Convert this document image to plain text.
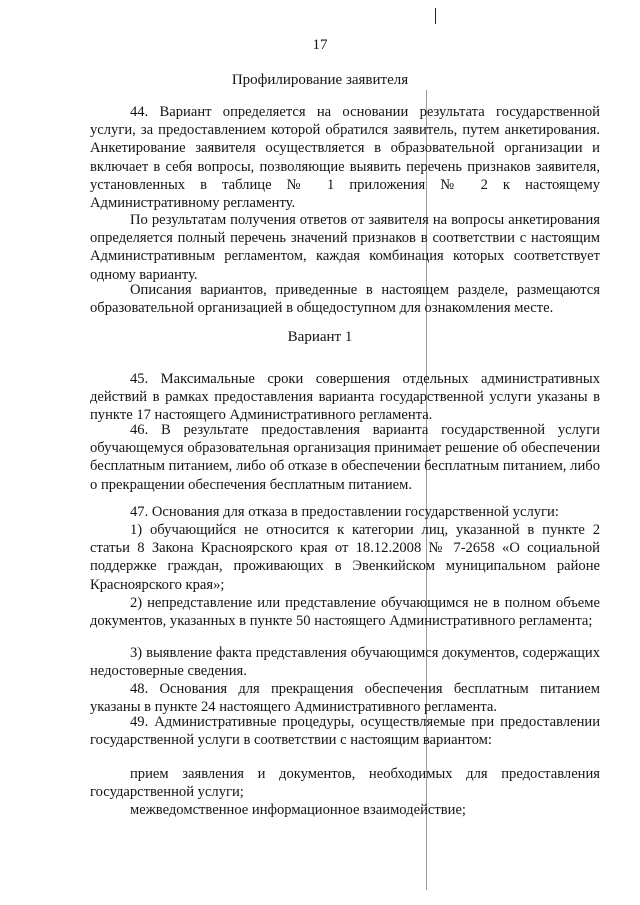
17
Профилирование заявителя

44. Вариант определяется на основании результата государственной услуги, за предоставлением которой обратился заявитель, путем анкетирования. Анкетирование заявителя осуществляется в образовательной организации и включает в себя вопросы, позволяющие выявить перечень признаков заявителя, установленных в таблице № 1 приложения № 2 к настоящему Административному регламенту.

По результатам получения ответов от заявителя на вопросы анкетирования определяется полный перечень значений признаков в соответствии с настоящим Административным регламентом, каждая комбинация которых соответствует одному варианту.

Описания вариантов, приведенные в настоящем разделе, размещаются образовательной организацией в общедоступном для ознакомления месте.

Вариант 1

45. Максимальные сроки совершения отдельных административных действий в рамках предоставления варианта государственной услуги указаны в пункте 17 настоящего Административного регламента.

46. В результате предоставления варианта государственной услуги обучающемуся образовательная организация принимает решение об обеспечении бесплатным питанием, либо об отказе в обеспечении бесплатным питанием, либо о прекращении обеспечения бесплатным питанием.

47. Основания для отказа в предоставлении государственной услуги:

1) обучающийся не относится к категории лиц, указанной в пункте 2 статьи 8 Закона Красноярского края от 18.12.2008 № 7-2658 «О социальной поддержке граждан, проживающих в Эвенкийском муниципальном районе Красноярского края»;

2) непредставление или представление обучающимся не в полном объеме документов, указанных в пункте 50 настоящего Административного регламента;

3) выявление факта представления обучающимся документов, содержащих недостоверные сведения.

48. Основания для прекращения обеспечения бесплатным питанием указаны в пункте 24 настоящего Административного регламента.

49. Административные процедуры, осуществляемые при предоставлении государственной услуги в соответствии с настоящим вариантом:

прием заявления и документов, необходимых для предоставления государственной услуги;

межведомственное информационное взаимодействие;
